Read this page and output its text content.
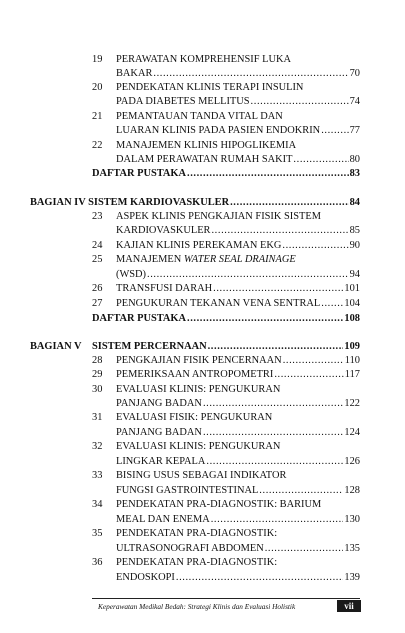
19 PERAWATAN KOMPREHENSIF LUKA
BAKAR .....	70
20 PENDEKATAN KLINIS TERAPI INSULIN
PADA DIABETES MELLITUS .....	74
21 PEMANTAUAN TANDA VITAL DAN
LUARAN KLINIS PADA PASIEN ENDOKRIN .....	77
22 MANAJEMEN KLINIS HIPOGLIKEMIA
DALAM PERAWATAN RUMAH SAKIT .....	80
DAFTAR PUSTAKA .....	83
BAGIAN IV SISTEM KARDIOVASKULER .....	84
23 ASPEK KLINIS PENGKAJIAN FISIK SISTEM
KARDIOVASKULER .....	85
24 KAJIAN KLINIS PEREKAMAN EKG .....	90
25 MANAJEMEN WATER SEAL DRAINAGE
(WSD) .....	94
26 TRANSFUSI DARAH .....	101
27 PENGUKURAN TEKANAN VENA SENTRAL ..... 104
DAFTAR PUSTAKA .....	108
BAGIAN V SISTEM PERCERNAAN .....	109
28 PENGKAJIAN FISIK PENCERNAAN .....	110
29 PEMERIKSAAN ANTROPOMETRI .....	117
30 EVALUASI KLINIS: PENGUKURAN
PANJANG BADAN .....	122
31 EVALUASI FISIK: PENGUKURAN
PANJANG BADAN .....	124
32 EVALUASI KLINIS: PENGUKURAN
LINGKAR KEPALA .....	126
33 BISING USUS SEBAGAI INDIKATOR
FUNGSI GASTROINTESTINAL .....	128
34 PENDEKATAN PRA-DIAGNOSTIK: BARIUM
MEAL DAN ENEMA .....	130
35 PENDEKATAN PRA-DIAGNOSTIK:
ULTRASONOGRAFI ABDOMEN .....	135
36 PENDEKATAN PRA-DIAGNOSTIK:
ENDOSKOPI .....	139
Keperawatan Medikal Bedah: Strategi Klinis dan Evaluasi Holistik	vii
